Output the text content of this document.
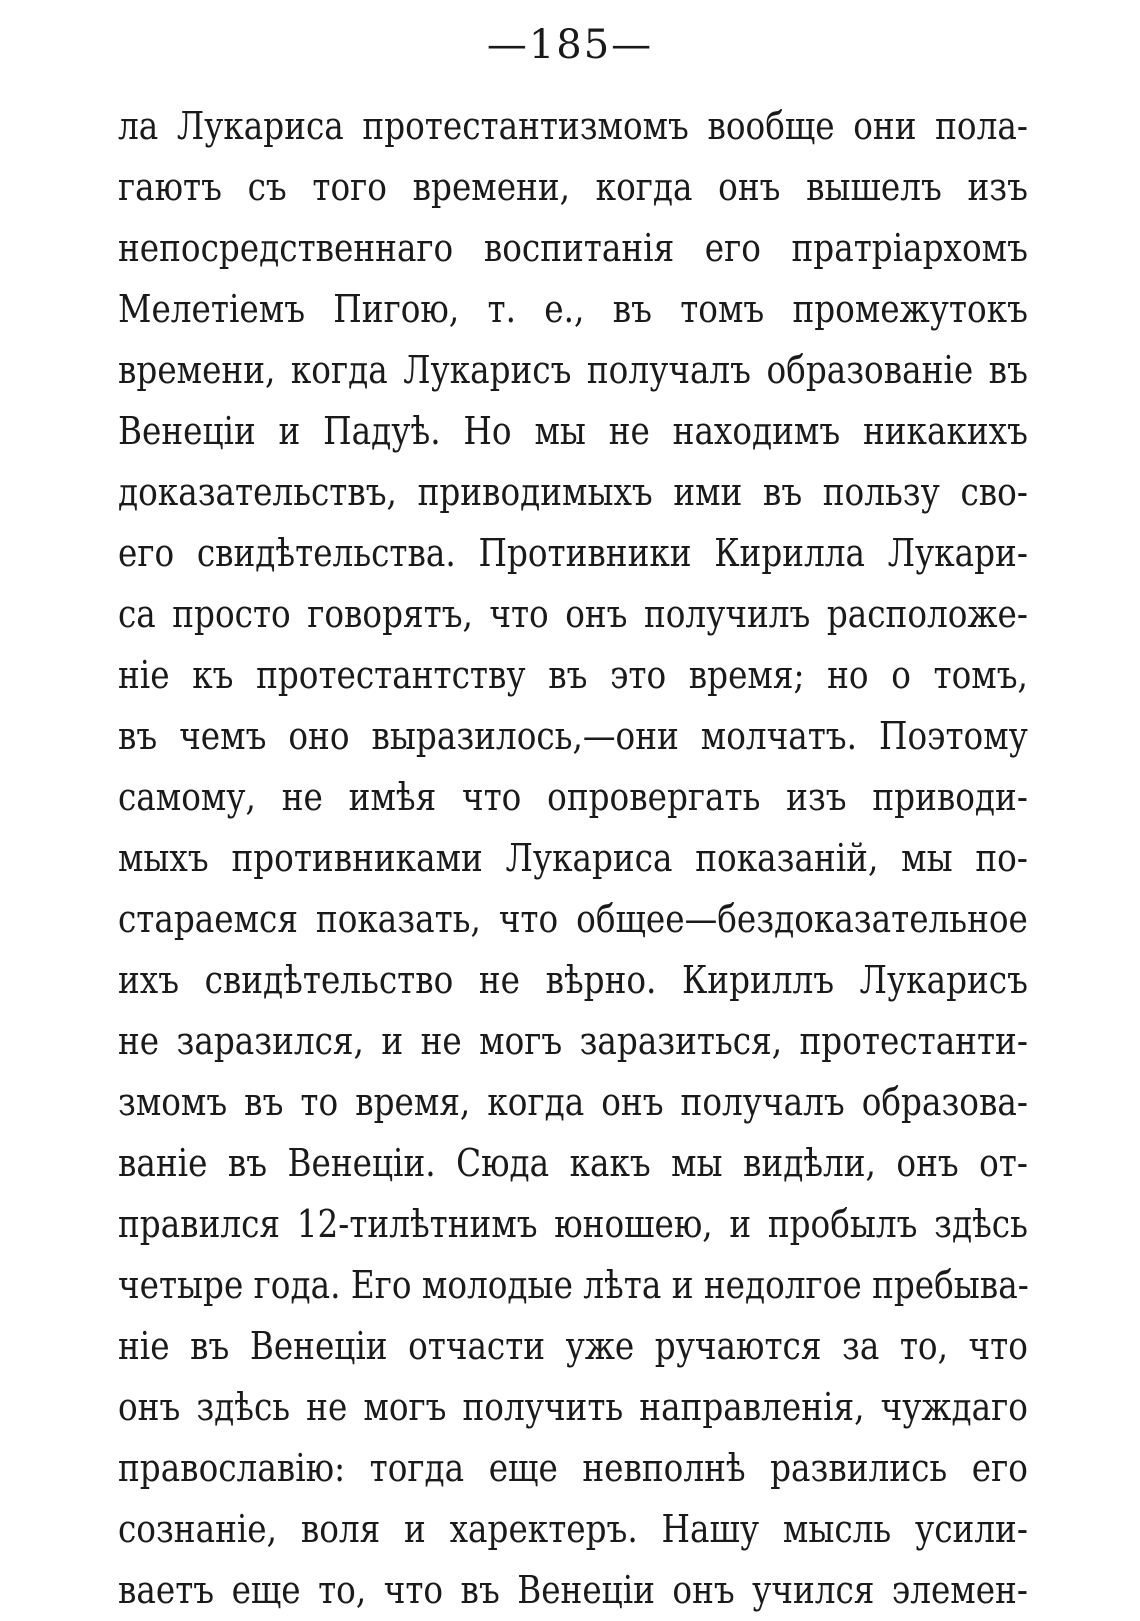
—185—
ла Лукариса протестантизмомъ вообще они пола-
гаютъ съ того времени, когда онъ вышелъ изъ
непосредственнаго воспитанія его пратріархомъ
Мелетіемъ Пигою, т. е., въ томъ промежутокъ
времени, когда Лукарисъ получалъ образованіе въ
Венеціи и Падуѣ. Но мы не находимъ никакихъ
доказательствъ, приводимыхъ ими въ пользу сво-
его свидѣтельства. Противники Кирилла Лукари-
са просто говорятъ, что онъ получилъ расположе-
ніе къ протестантству въ это время; но о томъ,
въ чемъ оно выразилось,—они молчатъ. Поэтому
самому, не имѣя что опровергать изъ приводи-
мыхъ противниками Лукариса показаній, мы по-
старaемся показать, что общее—бездоказательное
ихъ свидѣтельство не вѣрно. Кириллъ Лукарисъ
не заразился, и не могъ заразиться, протестанти-
змомъ въ то время, когда онъ получалъ образова-
ваніе въ Венеціи. Сюда какъ мы видѣли, онъ от-
правился 12-тилѣтнимъ юношею, и пробылъ здѣсь
четыре года. Его молодые лѣта и недолгое пребыва-
ніе въ Венеціи отчасти уже ручаются за то, что
онъ здѣсь не могъ получить направленія, чуждаго
православію: тогда еще невполнѣ развились его
сознаніе, воля и харектеръ. Нашу мысль усили-
ваетъ еще то, что въ Венеціи онъ учился элемен-
